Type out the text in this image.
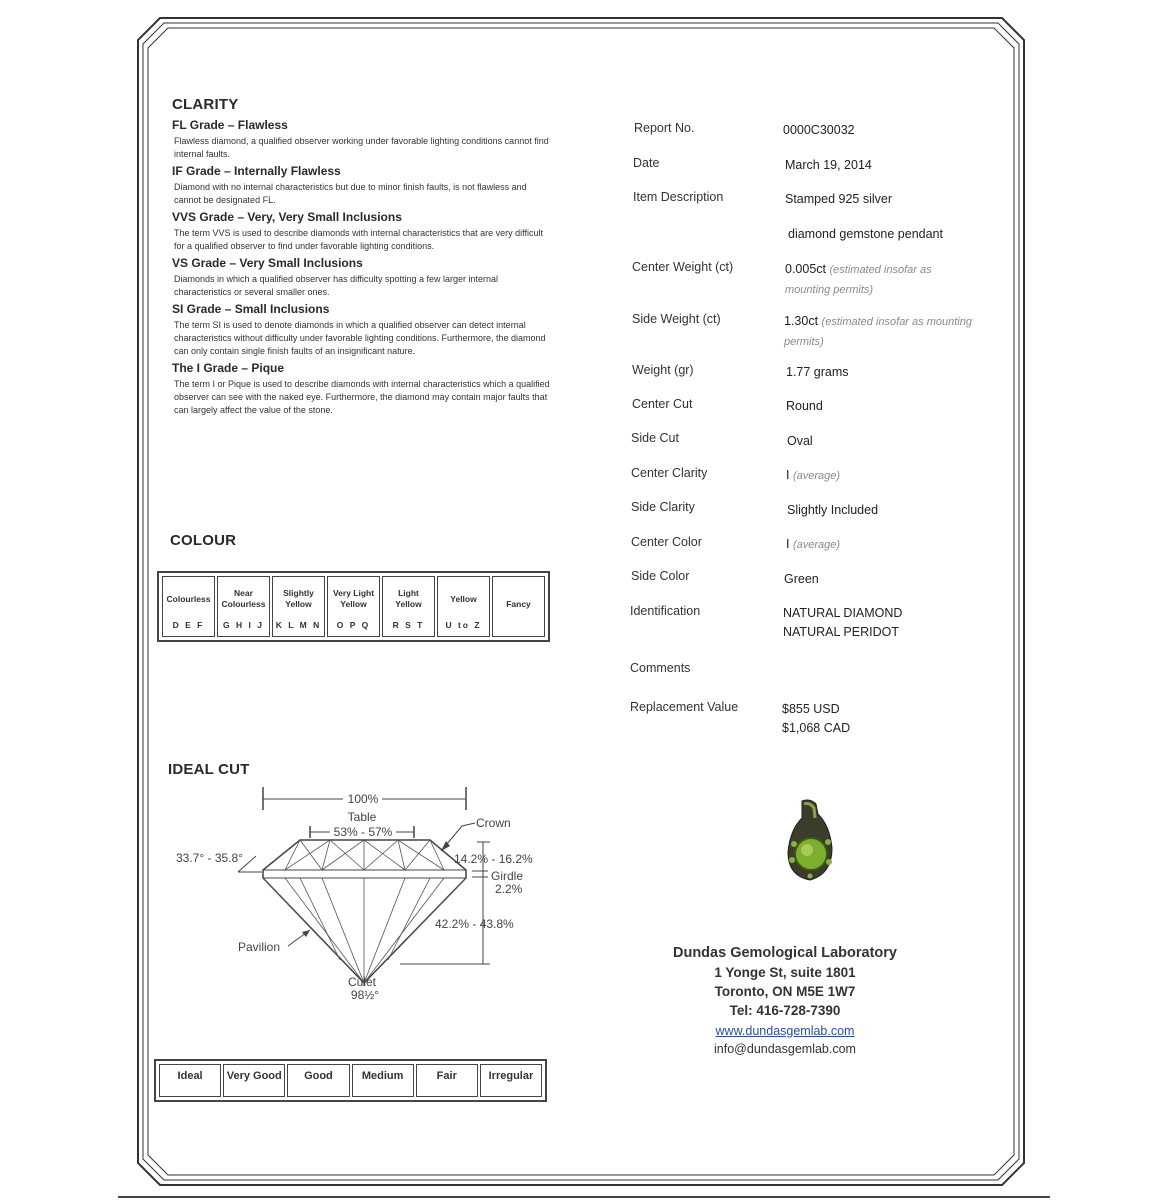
CLARITY
FL Grade – Flawless
Flawless diamond, a qualified observer working under favorable lighting conditions cannot find internal faults.
IF Grade – Internally Flawless
Diamond with no internal characteristics but due to minor finish faults, is not flawless and cannot be designated FL.
VVS Grade – Very, Very Small Inclusions
The term VVS is used to describe diamonds with internal characteristics that are very difficult for a qualified observer to find under favorable lighting conditions.
VS Grade – Very Small Inclusions
Diamonds in which a qualified observer has difficulty spotting a few larger internal characteristics or several smaller ones.
SI Grade – Small Inclusions
The term SI is used to denote diamonds in which a qualified observer can detect internal characteristics without difficulty under favorable lighting conditions. Furthermore, the diamond can only contain single finish faults of an insignificant nature.
The I Grade – Pique
The term I or Pique is used to describe diamonds with internal characteristics which a qualified observer can see with the naked eye. Furthermore, the diamond may contain major faults that can largely affect the value of the stone.
COLOUR
Colourless
D E F
Near Colourless
G H I J
Slightly Yellow
K L M N
Very Light Yellow
O P Q
Light Yellow
R S T
Yellow
U to Z
Fancy
IDEAL CUT
100%
Table
53% - 57%
Crown
33.7° - 35.8°	14.2% - 16.2%
Girdle
2.2%
42.2% - 43.8%
Pavilion
Culet
98½°
Ideal	Very Good	Good	Medium	Fair	Irregular
Report No.	0000C30032
Date	March 19, 2014
Item Description	Stamped 925 silver
diamond gemstone pendant
Center Weight (ct)	0.005ct (estimated insofar as mounting permits)
Side Weight (ct)	1.30ct (estimated insofar as mounting permits)
Weight (gr)	1.77 grams
Center Cut	Round
Side Cut	Oval
Center Clarity	I (average)
Side Clarity	Slightly Included
Center Color	I (average)
Side Color	Green
Identification	NATURAL DIAMOND
NATURAL PERIDOT
Comments
Replacement Value	$855 USD
$1,068 CAD
Dundas Gemological Laboratory
1 Yonge St, suite 1801
Toronto, ON M5E 1W7
Tel: 416-728-7390
www.dundasgemlab.com
info@dundasgemlab.com
